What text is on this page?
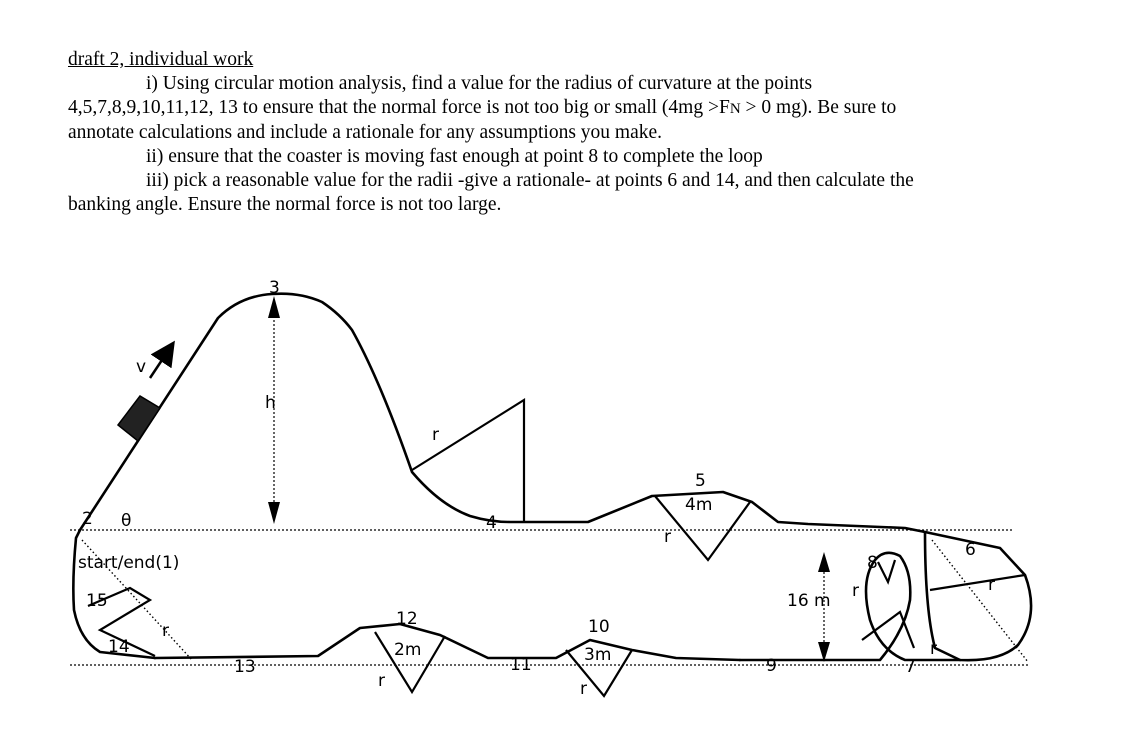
draft 2, individual work
i) Using circular motion analysis, find a value for the radius of curvature at the points
4,5,7,8,9,10,11,12, 13 to ensure that the normal force is not too big or small (4mg >FN > 0 mg). Be sure to
annotate calculations and include a rationale for any assumptions you make.
ii) ensure that the coaster is moving fast enough at point 8 to complete the loop
iii) pick a reasonable value for the radii -give a rationale- at points 6 and 14, and then calculate the
banking angle. Ensure the normal force is not too large.
v
3
h
r
4
2 θ
5
4m
r
6
r
8
r
r
7
16 m
9
10
3m
r
11
12
2m
r
13
start/end(1)
15
14
r
